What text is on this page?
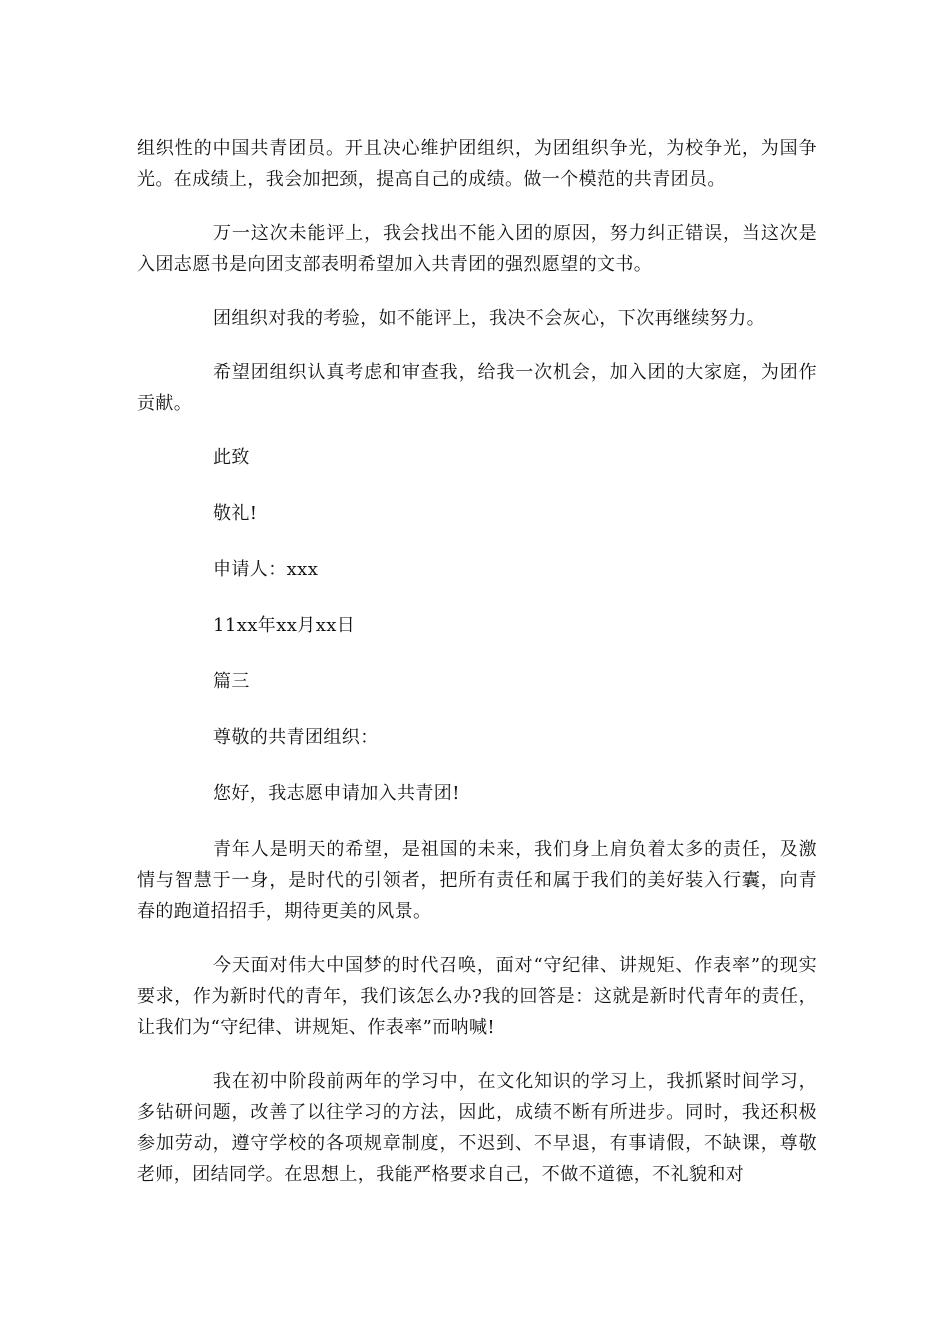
组织性的中国共青团员。开且决心维护团组织，为团组织争光，为校争光，为国争光。在成绩上，我会加把颈，提高自己的成绩。做一个模范的共青团员。

万一这次未能评上，我会找出不能入团的原因，努力纠正错误，当这次是入团志愿书是向团支部表明希望加入共青团的强烈愿望的文书。

团组织对我的考验，如不能评上，我决不会灰心，下次再继续努力。

希望团组织认真考虑和审查我，给我一次机会，加入团的大家庭，为团作贡献。

此致

敬礼!

申请人：xxx

11xx年xx月xx日

篇三

尊敬的共青团组织：

您好，我志愿申请加入共青团!

青年人是明天的希望，是祖国的未来，我们身上肩负着太多的责任，及激情与智慧于一身，是时代的引领者，把所有责任和属于我们的美好装入行囊，向青春的跑道招招手，期待更美的风景。

今天面对伟大中国梦的时代召唤，面对“守纪律、讲规矩、作表率”的现实要求，作为新时代的青年，我们该怎么办?我的回答是：这就是新时代青年的责任，让我们为“守纪律、讲规矩、作表率”而呐喊!

我在初中阶段前两年的学习中，在文化知识的学习上，我抓紧时间学习，多钻研问题，改善了以往学习的方法，因此，成绩不断有所进步。同时，我还积极参加劳动，遵守学校的各项规章制度，不迟到、不早退，有事请假，不缺课，尊敬老师，团结同学。在思想上，我能严格要求自己，不做不道德，不礼貌和对
